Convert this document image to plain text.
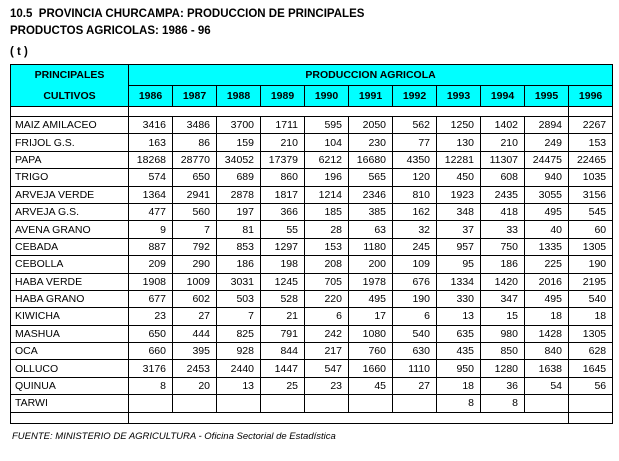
10.5  PROVINCIA CHURCAMPA: PRODUCCION DE PRINCIPALES
PRODUCTOS AGRICOLAS: 1986 - 96
( t )
PRINCIPALES
CULTIVOS	PRODUCCION AGRICOLA										
	1986	1987	1988	1989	1990	1991	1992	1993	1994	1995	1996

MAIZ AMILACEO	3416	3486	3700	1711	595	2050	562	1250	1402	2894	2267
FRIJOL G.S.	163	86	159	210	104	230	77	130	210	249	153
PAPA	18268	28770	34052	17379	6212	16680	4350	12281	11307	24475	22465
TRIGO	574	650	689	860	196	565	120	450	608	940	1035
ARVEJA VERDE	1364	2941	2878	1817	1214	2346	810	1923	2435	3055	3156
ARVEJA G.S.	477	560	197	366	185	385	162	348	418	495	545
AVENA GRANO	9	7	81	55	28	63	32	37	33	40	60
CEBADA	887	792	853	1297	153	1180	245	957	750	1335	1305
CEBOLLA	209	290	186	198	208	200	109	95	186	225	190
HABA VERDE	1908	1009	3031	1245	705	1978	676	1334	1420	2016	2195
HABA GRANO	677	602	503	528	220	495	190	330	347	495	540
KIWICHA	23	27	7	21	6	17	6	13	15	18	18
MASHUA	650	444	825	791	242	1080	540	635	980	1428	1305
OCA	660	395	928	844	217	760	630	435	850	840	628
OLLUCO	3176	2453	2440	1447	547	1660	1110	950	1280	1638	1645
QUINUA	8	20	13	25	23	45	27	18	36	54	56
TARWI								8	8		

FUENTE: MINISTERIO DE AGRICULTURA - Oficina Sectorial de Estadística
